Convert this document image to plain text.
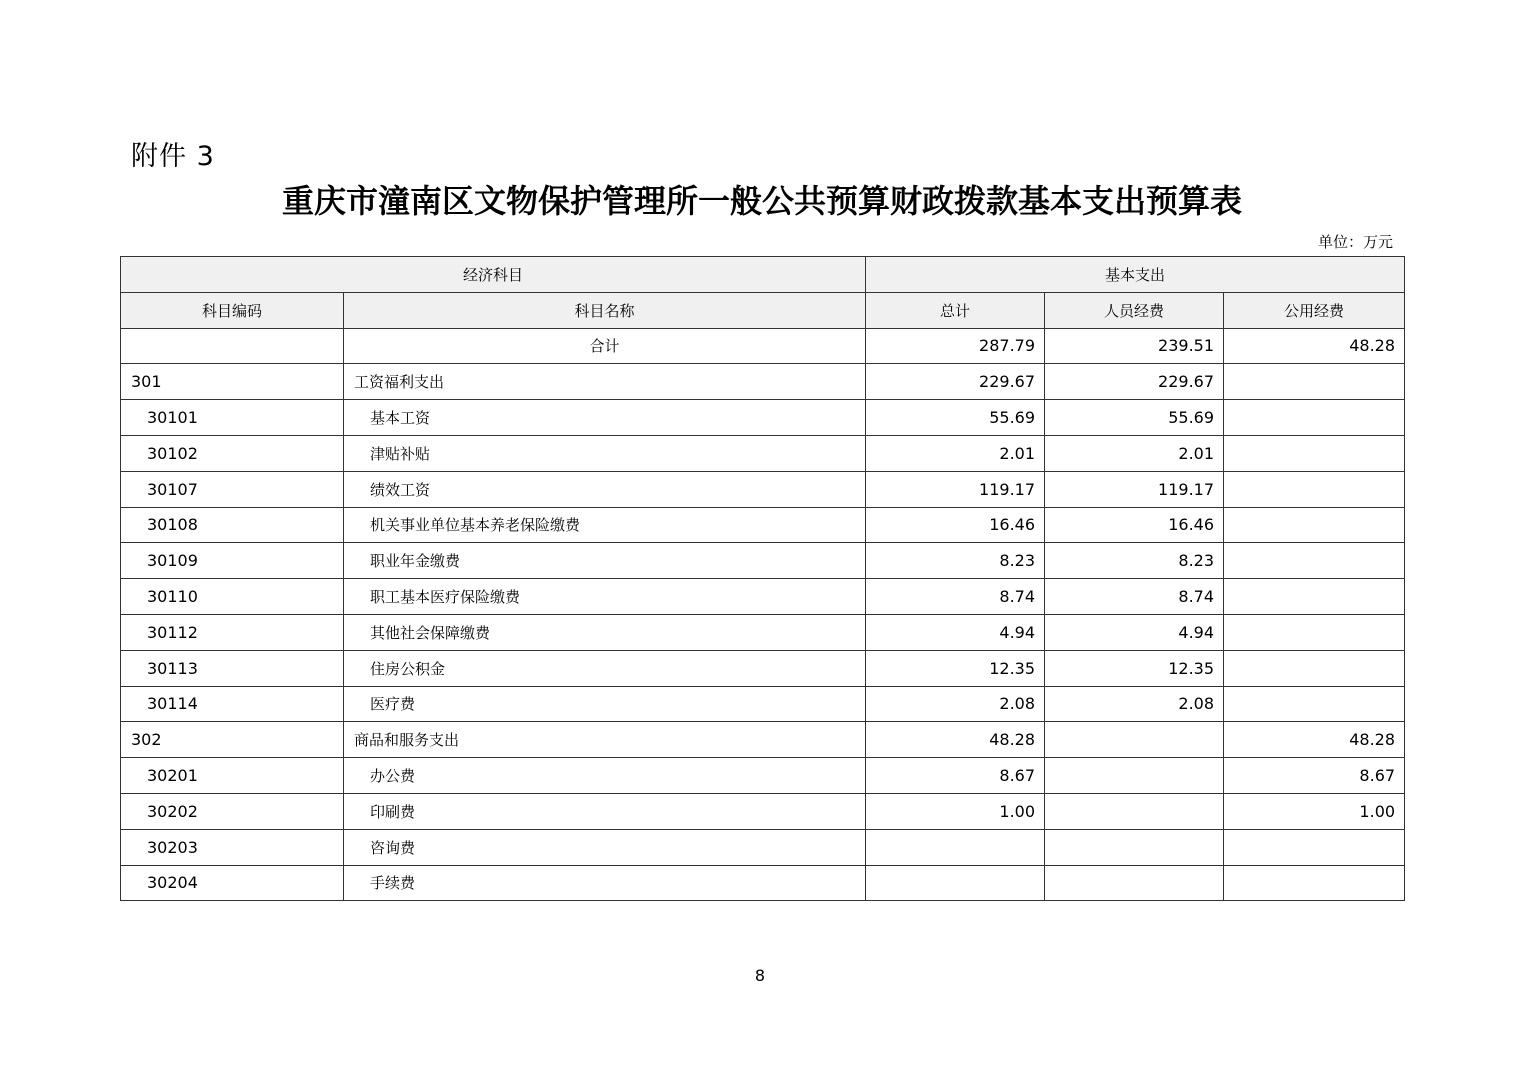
附件 3
重庆市潼南区文物保护管理所一般公共预算财政拨款基本支出预算表
单位：万元
经济科目		基本支出		
科目编码	科目名称	总计	人员经费	公用经费
	合计	287.79	239.51	48.28
301	工资福利支出	229.67	229.67	
30101	基本工资	55.69	55.69	
30102	津贴补贴	2.01	2.01	
30107	绩效工资	119.17	119.17	
30108	机关事业单位基本养老保险缴费	16.46	16.46	
30109	职业年金缴费	8.23	8.23	
30110	职工基本医疗保险缴费	8.74	8.74	
30112	其他社会保障缴费	4.94	4.94	
30113	住房公积金	12.35	12.35	
30114	医疗费	2.08	2.08	
302	商品和服务支出	48.28		48.28
30201	办公费	8.67		8.67
30202	印刷费	1.00		1.00
30203	咨询费			
30204	手续费			
8
